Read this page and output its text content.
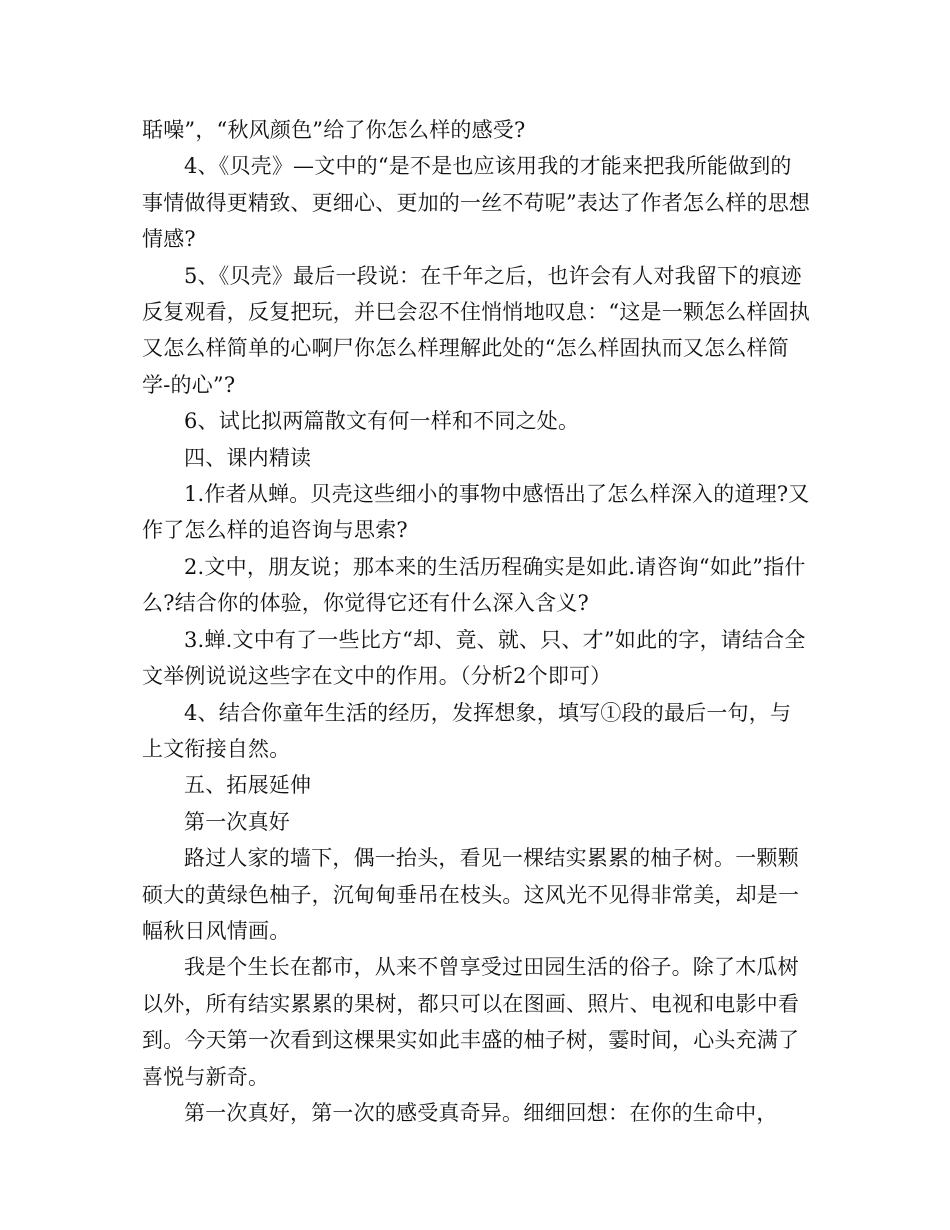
聒噪”，“秋风颜色”给了你怎么样的感受?

4、《贝壳》—文中的“是不是也应该用我的才能来把我所能做到的事情做得更精致、更细心、更加的一丝不苟呢”表达了作者怎么样的思想情感?

5、《贝壳》最后一段说：在千年之后，也许会有人对我留下的痕迹反复观看，反复把玩，并巳会忍不住悄悄地叹息：“这是一颗怎么样固执又怎么样简单的心啊尸你怎么样理解此处的“怎么样固执而又怎么样简学-的心”?

6、试比拟两篇散文有何一样和不同之处。

四、课内精读

1.作者从蝉。贝壳这些细小的事物中感悟出了怎么样深入的道理?又作了怎么样的追咨询与思索?

2.文中，朋友说；那本来的生活历程确实是如此.请咨询“如此”指什么?结合你的体验，你觉得它还有什么深入含义?

3.蝉.文中有了一些比方“却、竟、就、只、才”如此的字，请结合全文举例说说这些字在文中的作用。（分析2个即可）

4、结合你童年生活的经历，发挥想象，填写①段的最后一句，与上文衔接自然。

五、拓展延伸

第一次真好

路过人家的墙下，偶一抬头，看见一棵结实累累的柚子树。一颗颗硕大的黄绿色柚子，沉甸甸垂吊在枝头。这风光不见得非常美，却是一幅秋日风情画。

我是个生长在都市，从来不曾享受过田园生活的俗子。除了木瓜树以外，所有结实累累的果树，都只可以在图画、照片、电视和电影中看到。今天第一次看到这棵果实如此丰盛的柚子树，霎时间，心头充满了喜悦与新奇。

第一次真好，第一次的感受真奇异。细细回想：在你的生命中，
